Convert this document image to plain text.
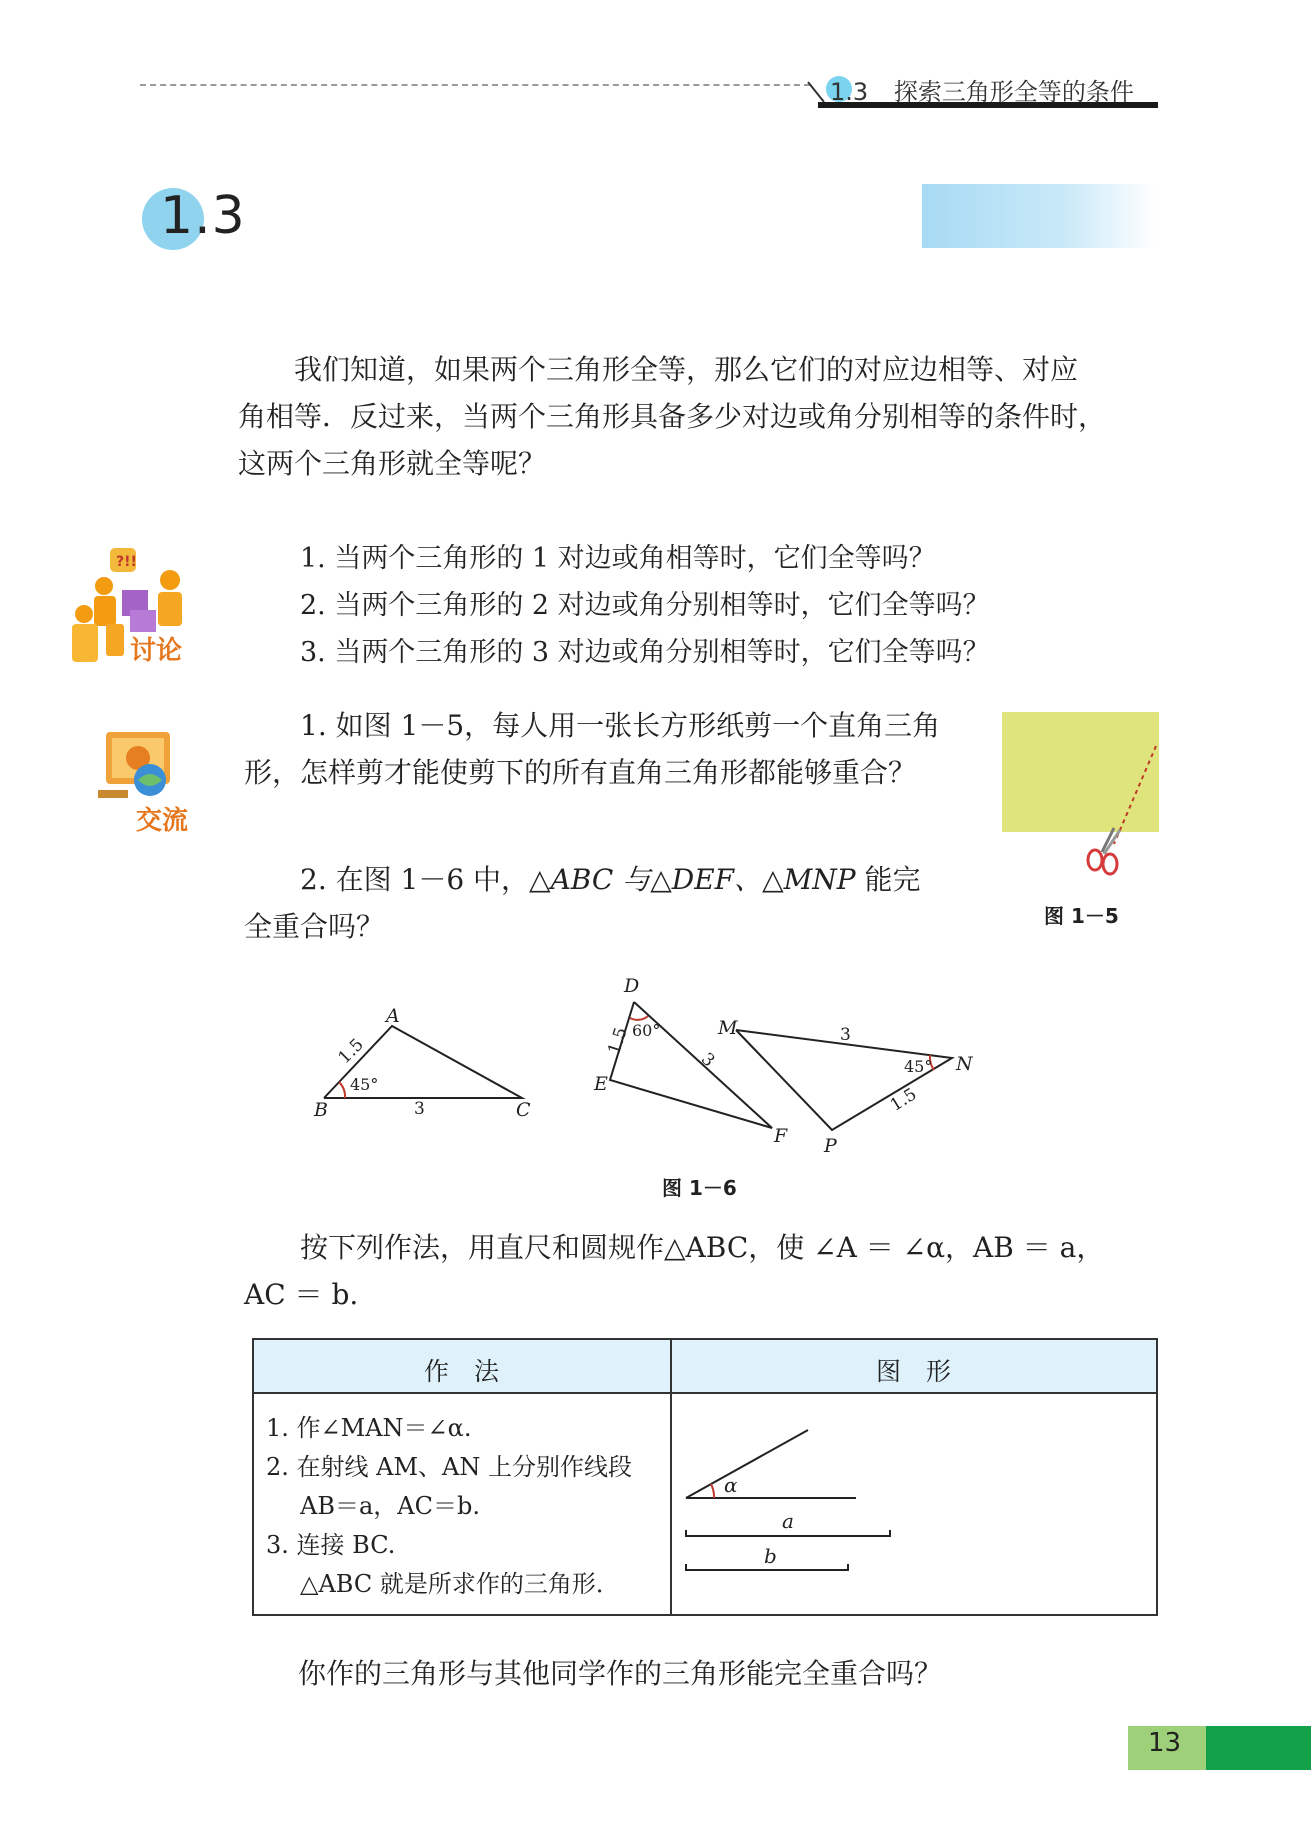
1.3 探索三角形全等的条件
1.3
我们知道，如果两个三角形全等，那么它们的对应边相等、对应
角相等．反过来，当两个三角形具备多少对边或角分别相等的条件时，
这两个三角形就全等呢？
?!!
讨论
1. 当两个三角形的 1 对边或角相等时，它们全等吗？
2. 当两个三角形的 2 对边或角分别相等时，它们全等吗？
3. 当两个三角形的 3 对边或角分别相等时，它们全等吗？
交流
1. 如图 1－5，每人用一张长方形纸剪一个直角三角
形，怎样剪才能使剪下的所有直角三角形都能够重合？
2. 在图 1－6 中，△ABC 与△DEF、△MNP 能完
全重合吗？	图 1－5
A
B	C
1.5
3
45°
D
E
F
1.5
3
60°	M
N
P
3
1.5
45°
图 1－6
按下列作法，用直尺和圆规作△ABC，使 ∠A ＝ ∠α，AB ＝ a，
AC ＝ b.
作　法	图　形
1. 作∠MAN＝∠α.
2. 在射线 AM、AN 上分别作线段
AB＝a，AC＝b.
3. 连接 BC.
△ABC 就是所求作的三角形．
α
a
b
你作的三角形与其他同学作的三角形能完全重合吗？
13
